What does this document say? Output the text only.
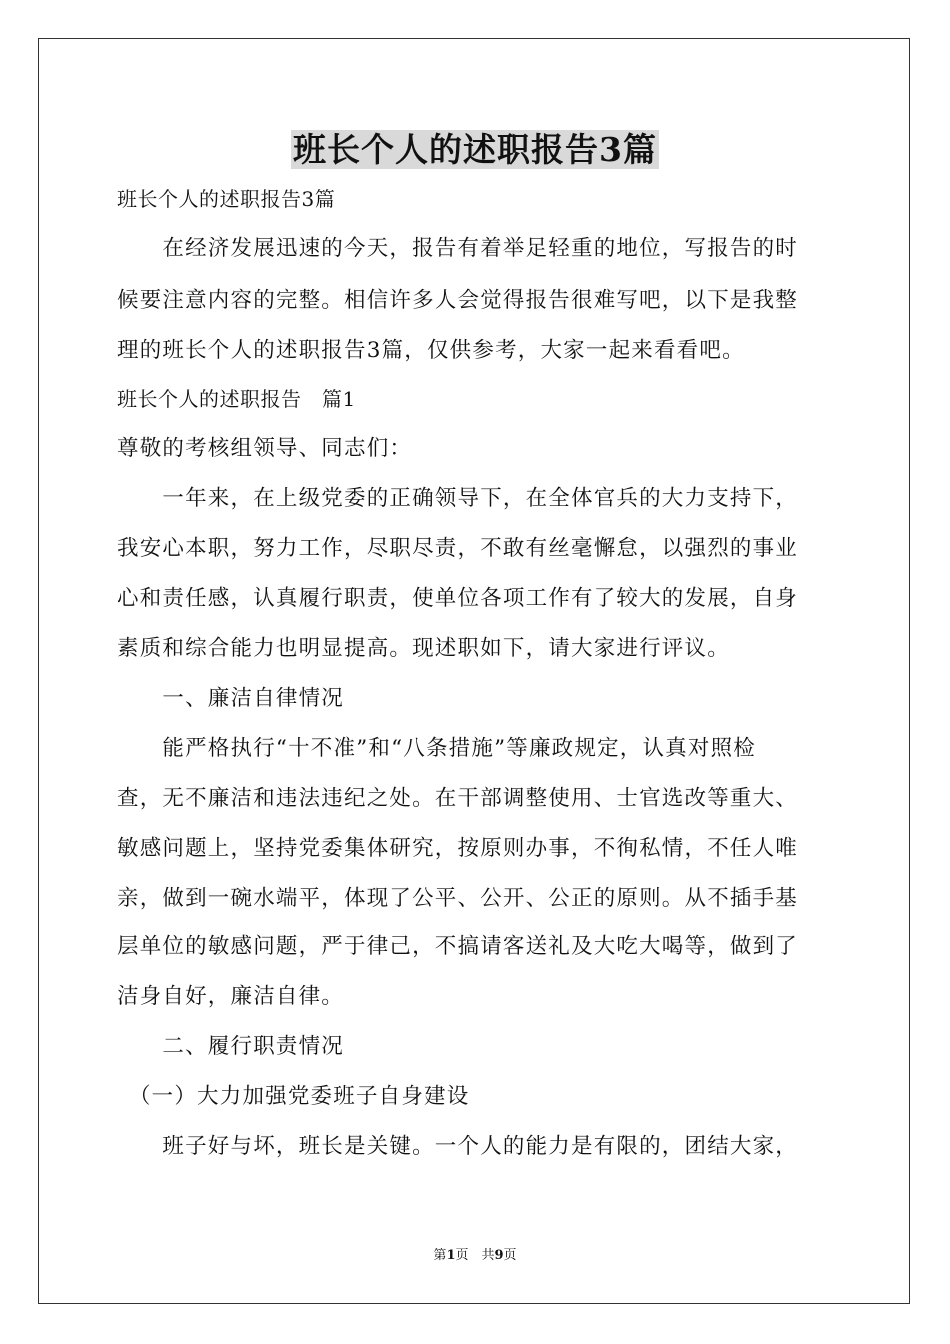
班长个人的述职报告3篇
班长个人的述职报告3篇
　　在经济发展迅速的今天，报告有着举足轻重的地位，写报告的时
候要注意内容的完整。相信许多人会觉得报告很难写吧，以下是我整
理的班长个人的述职报告3篇，仅供参考，大家一起来看看吧。
班长个人的述职报告　篇1
尊敬的考核组领导、同志们：
　　一年来，在上级党委的正确领导下，在全体官兵的大力支持下，
我安心本职，努力工作，尽职尽责，不敢有丝毫懈怠，以强烈的事业
心和责任感，认真履行职责，使单位各项工作有了较大的发展，自身
素质和综合能力也明显提高。现述职如下，请大家进行评议。
　　一、廉洁自律情况
　　能严格执行“十不准”和“八条措施”等廉政规定，认真对照检
查，无不廉洁和违法违纪之处。在干部调整使用、士官选改等重大、
敏感问题上，坚持党委集体研究，按原则办事，不徇私情，不任人唯
亲，做到一碗水端平，体现了公平、公开、公正的原则。从不插手基
层单位的敏感问题，严于律己，不搞请客送礼及大吃大喝等，做到了
洁身自好，廉洁自律。
　　二、履行职责情况
　（一）大力加强党委班子自身建设
　　班子好与坏，班长是关键。一个人的能力是有限的，团结大家，
第1页　共9页
